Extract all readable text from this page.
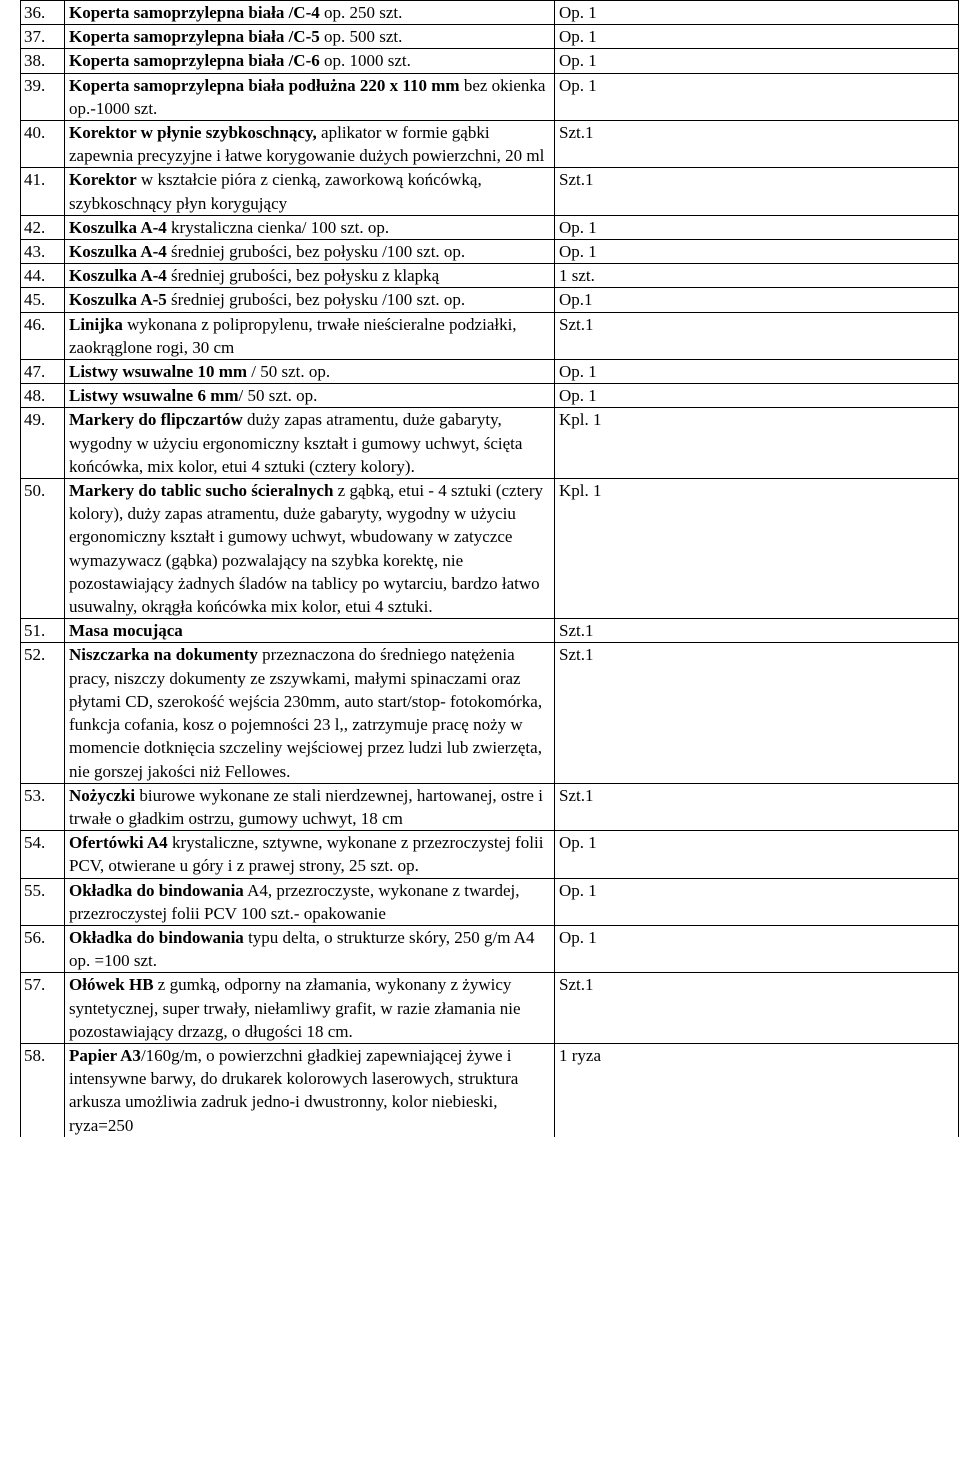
36.	Koperta samoprzylepna biała /C-4 op. 250 szt.	Op. 1
37.	Koperta samoprzylepna biała /C-5 op. 500 szt.	Op. 1
38.	Koperta samoprzylepna biała /C-6 op. 1000 szt.	Op. 1
39.	Koperta samoprzylepna biała podłużna 220 x 110 mm bez okienka op.-1000 szt.	Op. 1
40.	Korektor w płynie szybkoschnący, aplikator w formie gąbki zapewnia precyzyjne i łatwe korygowanie dużych powierzchni, 20 ml	Szt.1
41.	Korektor w kształcie pióra z cienką, zaworkową końcówką, szybkoschnący płyn korygujący	Szt.1
42.	Koszulka A-4 krystaliczna cienka/ 100 szt. op.	Op. 1
43.	Koszulka A-4 średniej grubości, bez połysku /100 szt. op.	Op. 1
44.	Koszulka A-4 średniej grubości, bez połysku z klapką	1 szt.
45.	Koszulka A-5 średniej grubości, bez połysku /100 szt. op.	Op.1
46.	Linijka wykonana z polipropylenu, trwałe nieścieralne podziałki, zaokrąglone rogi, 30 cm	Szt.1
47.	Listwy wsuwalne 10 mm / 50 szt. op.	Op. 1
48.	Listwy wsuwalne 6 mm/ 50 szt. op.	Op. 1
49.	Markery do flipczartów duży zapas atramentu, duże gabaryty, wygodny w użyciu ergonomiczny kształt i gumowy uchwyt, ścięta końcówka, mix kolor, etui 4 sztuki (cztery kolory).	Kpl. 1
50.	Markery do tablic sucho ścieralnych z gąbką, etui - 4 sztuki (cztery kolory), duży zapas atramentu, duże gabaryty, wygodny w użyciu ergonomiczny kształt i gumowy uchwyt, wbudowany w zatyczce wymazywacz (gąbka) pozwalający na szybka korektę, nie pozostawiający żadnych śladów na tablicy po wytarciu, bardzo łatwo usuwalny, okrągła końcówka mix kolor, etui 4 sztuki.	Kpl. 1
51.	Masa mocująca	Szt.1
52.	Niszczarka na dokumenty przeznaczona do średniego natężenia pracy, niszczy dokumenty ze zszywkami, małymi spinaczami oraz płytami CD, szerokość wejścia 230mm, auto start/stop- fotokomórka, funkcja cofania, kosz o pojemności 23 l,, zatrzymuje pracę noży w momencie dotknięcia szczeliny wejściowej przez ludzi lub zwierzęta, nie gorszej jakości niż Fellowes.	Szt.1
53.	Nożyczki biurowe wykonane ze stali nierdzewnej, hartowanej, ostre i trwałe o gładkim ostrzu, gumowy uchwyt, 18 cm	Szt.1
54.	Ofertówki A4 krystaliczne, sztywne, wykonane z przezroczystej folii PCV, otwierane u góry i z prawej strony, 25 szt. op.	Op. 1
55.	Okładka do bindowania A4, przezroczyste, wykonane z twardej, przezroczystej folii PCV 100 szt.- opakowanie	Op. 1
56.	Okładka do bindowania typu delta, o strukturze skóry, 250 g/m A4 op. =100 szt.	Op. 1
57.	Ołówek HB z gumką, odporny na złamania, wykonany z żywicy syntetycznej, super trwały, niełamliwy grafit, w razie złamania nie pozostawiający drzazg, o długości 18 cm.	Szt.1
58.	Papier A3/160g/m, o powierzchni gładkiej zapewniającej żywe i intensywne barwy, do drukarek kolorowych laserowych, struktura arkusza umożliwia zadruk jedno-i dwustronny, kolor niebieski, ryza=250	1 ryza
